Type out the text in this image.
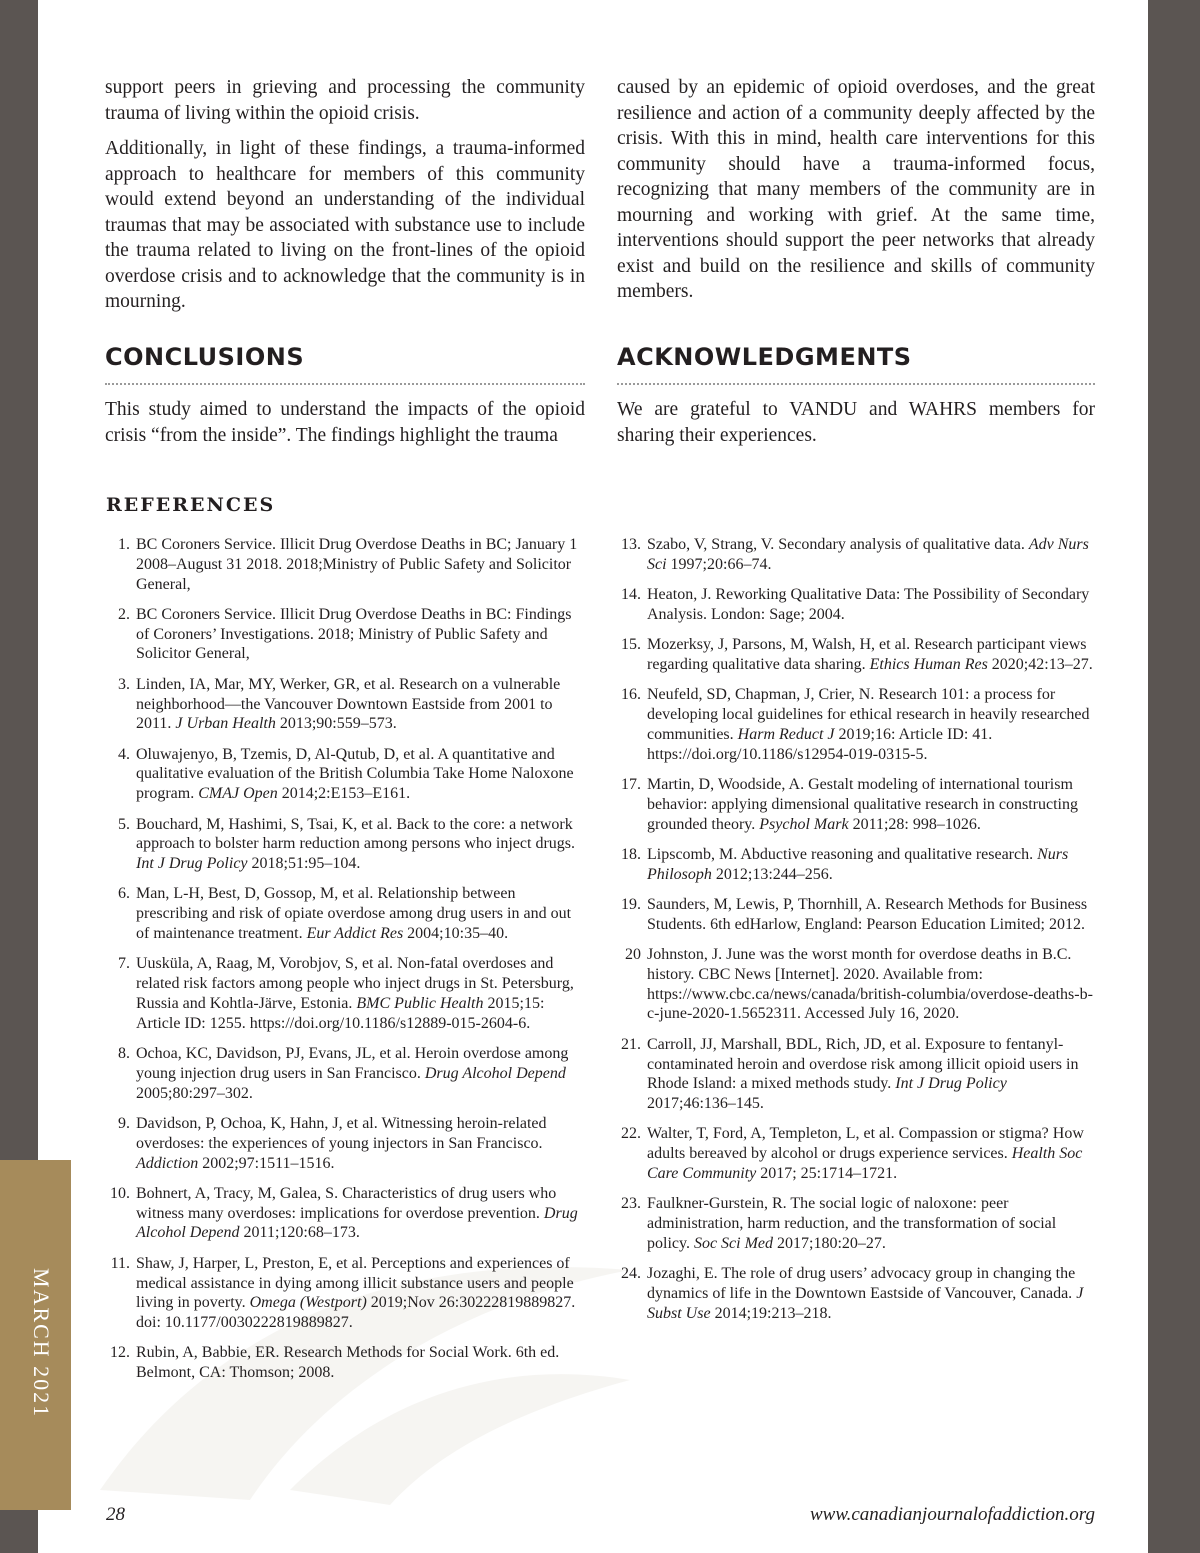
MARCH 2021

support peers in grieving and processing the community trauma of living within the opioid crisis.

Additionally, in light of these findings, a trauma-informed approach to healthcare for members of this community would extend beyond an understanding of the individual traumas that may be associated with substance use to include the trauma related to living on the front-lines of the opioid overdose crisis and to acknowledge that the community is in mourning.

CONCLUSIONS

This study aimed to understand the impacts of the opioid crisis “from the inside”. The findings highlight the trauma

caused by an epidemic of opioid overdoses, and the great resilience and action of a community deeply affected by the crisis. With this in mind, health care interventions for this community should have a trauma-informed focus, recognizing that many members of the community are in mourning and working with grief. At the same time, interventions should support the peer networks that already exist and build on the resilience and skills of community members.

ACKNOWLEDGMENTS

We are grateful to VANDU and WAHRS members for sharing their experiences.

REFERENCES
1. BC Coroners Service. Illicit Drug Overdose Deaths in BC; January 1 2008–August 31 2018. 2018;Ministry of Public Safety and Solicitor General,
2. BC Coroners Service. Illicit Drug Overdose Deaths in BC: Findings of Coroners’ Investigations. 2018; Ministry of Public Safety and Solicitor General,
3. Linden, IA, Mar, MY, Werker, GR, et al. Research on a vulnerable neighborhood—the Vancouver Downtown Eastside from 2001 to 2011. J Urban Health 2013;90:559–573.
4. Oluwajenyo, B, Tzemis, D, Al-Qutub, D, et al. A quantitative and qualitative evaluation of the British Columbia Take Home Naloxone program. CMAJ Open 2014;2:E153–E161.
5. Bouchard, M, Hashimi, S, Tsai, K, et al. Back to the core: a network approach to bolster harm reduction among persons who inject drugs. Int J Drug Policy 2018;51:95–104.
6. Man, L-H, Best, D, Gossop, M, et al. Relationship between prescribing and risk of opiate overdose among drug users in and out of maintenance treatment. Eur Addict Res 2004;10:35–40.
7. Uusküla, A, Raag, M, Vorobjov, S, et al. Non-fatal overdoses and related risk factors among people who inject drugs in St. Petersburg, Russia and Kohtla-Järve, Estonia. BMC Public Health 2015;15: Article ID: 1255. https://doi.org/10.1186/s12889-015-2604-6.
8. Ochoa, KC, Davidson, PJ, Evans, JL, et al. Heroin overdose among young injection drug users in San Francisco. Drug Alcohol Depend 2005;80:297–302.
9. Davidson, P, Ochoa, K, Hahn, J, et al. Witnessing heroin-related overdoses: the experiences of young injectors in San Francisco. Addiction 2002;97:1511–1516.
10. Bohnert, A, Tracy, M, Galea, S. Characteristics of drug users who witness many overdoses: implications for overdose prevention. Drug Alcohol Depend 2011;120:68–173.
11. Shaw, J, Harper, L, Preston, E, et al. Perceptions and experiences of medical assistance in dying among illicit substance users and people living in poverty. Omega (Westport) 2019;Nov 26:30222819889827. doi: 10.1177/0030222819889827.
12. Rubin, A, Babbie, ER. Research Methods for Social Work. 6th ed. Belmont, CA: Thomson; 2008.
13. Szabo, V, Strang, V. Secondary analysis of qualitative data. Adv Nurs Sci 1997;20:66–74.
14. Heaton, J. Reworking Qualitative Data: The Possibility of Secondary Analysis. London: Sage; 2004.
15. Mozerksy, J, Parsons, M, Walsh, H, et al. Research participant views regarding qualitative data sharing. Ethics Human Res 2020;42:13–27.
16. Neufeld, SD, Chapman, J, Crier, N. Research 101: a process for developing local guidelines for ethical research in heavily researched communities. Harm Reduct J 2019;16: Article ID: 41. https://doi.org/10.1186/s12954-019-0315-5.
17. Martin, D, Woodside, A. Gestalt modeling of international tourism behavior: applying dimensional qualitative research in constructing grounded theory. Psychol Mark 2011;28: 998–1026.
18. Lipscomb, M. Abductive reasoning and qualitative research. Nurs Philosoph 2012;13:244–256.
19. Saunders, M, Lewis, P, Thornhill, A. Research Methods for Business Students. 6th edHarlow, England: Pearson Education Limited; 2012.
20 Johnston, J. June was the worst month for overdose deaths in B.C. history. CBC News [Internet]. 2020. Available from: https://www.cbc.ca/news/canada/british-columbia/overdose-deaths-b-c-june-2020-1.5652311. Accessed July 16, 2020.
21. Carroll, JJ, Marshall, BDL, Rich, JD, et al. Exposure to fentanyl-contaminated heroin and overdose risk among illicit opioid users in Rhode Island: a mixed methods study. Int J Drug Policy 2017;46:136–145.
22. Walter, T, Ford, A, Templeton, L, et al. Compassion or stigma? How adults bereaved by alcohol or drugs experience services. Health Soc Care Community 2017; 25:1714–1721.
23. Faulkner-Gurstein, R. The social logic of naloxone: peer administration, harm reduction, and the transformation of social policy. Soc Sci Med 2017;180:20–27.
24. Jozaghi, E. The role of drug users’ advocacy group in changing the dynamics of life in the Downtown Eastside of Vancouver, Canada. J Subst Use 2014;19:213–218.
28	www.canadianjournalofaddiction.org
